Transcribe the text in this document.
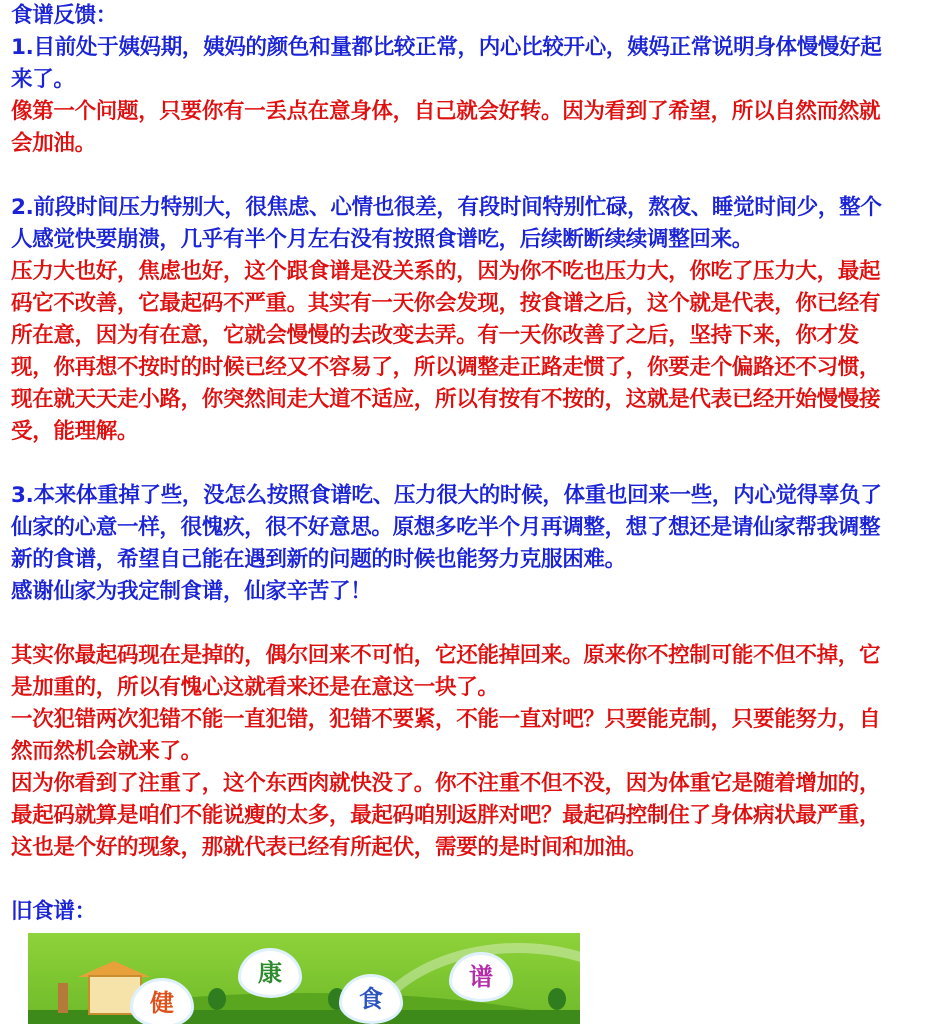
食谱反馈：
1.目前处于姨妈期，姨妈的颜色和量都比较正常，内心比较开心，姨妈正常说明身体慢慢好起
来了。
像第一个问题，只要你有一丢点在意身体，自己就会好转。因为看到了希望，所以自然而然就
会加油。
2.前段时间压力特别大，很焦虑、心情也很差，有段时间特别忙碌，熬夜、睡觉时间少，整个
人感觉快要崩溃，几乎有半个月左右没有按照食谱吃，后续断断续续调整回来。
压力大也好，焦虑也好，这个跟食谱是没关系的，因为你不吃也压力大，你吃了压力大，最起
码它不改善，它最起码不严重。其实有一天你会发现，按食谱之后，这个就是代表，你已经有
所在意，因为有在意，它就会慢慢的去改变去弄。有一天你改善了之后，坚持下来，你才发
现，你再想不按时的时候已经又不容易了，所以调整走正路走惯了，你要走个偏路还不习惯，
现在就天天走小路，你突然间走大道不适应，所以有按有不按的，这就是代表已经开始慢慢接
受，能理解。
3.本来体重掉了些，没怎么按照食谱吃、压力很大的时候，体重也回来一些，内心觉得辜负了
仙家的心意一样，很愧疚，很不好意思。原想多吃半个月再调整，想了想还是请仙家帮我调整
新的食谱，希望自己能在遇到新的问题的时候也能努力克服困难。
感谢仙家为我定制食谱，仙家辛苦了！
其实你最起码现在是掉的，偶尔回来不可怕，它还能掉回来。原来你不控制可能不但不掉，它
是加重的，所以有愧心这就看来还是在意这一块了。
一次犯错两次犯错不能一直犯错，犯错不要紧，不能一直对吧？只要能克制，只要能努力，自
然而然机会就来了。
因为你看到了注重了，这个东西肉就快没了。你不注重不但不没，因为体重它是随着增加的，
最起码就算是咱们不能说瘦的太多，最起码咱别返胖对吧？最起码控制住了身体病状最严重，
这也是个好的现象，那就代表已经有所起伏，需要的是时间和加油。
旧食谱：
健
康
食
谱
